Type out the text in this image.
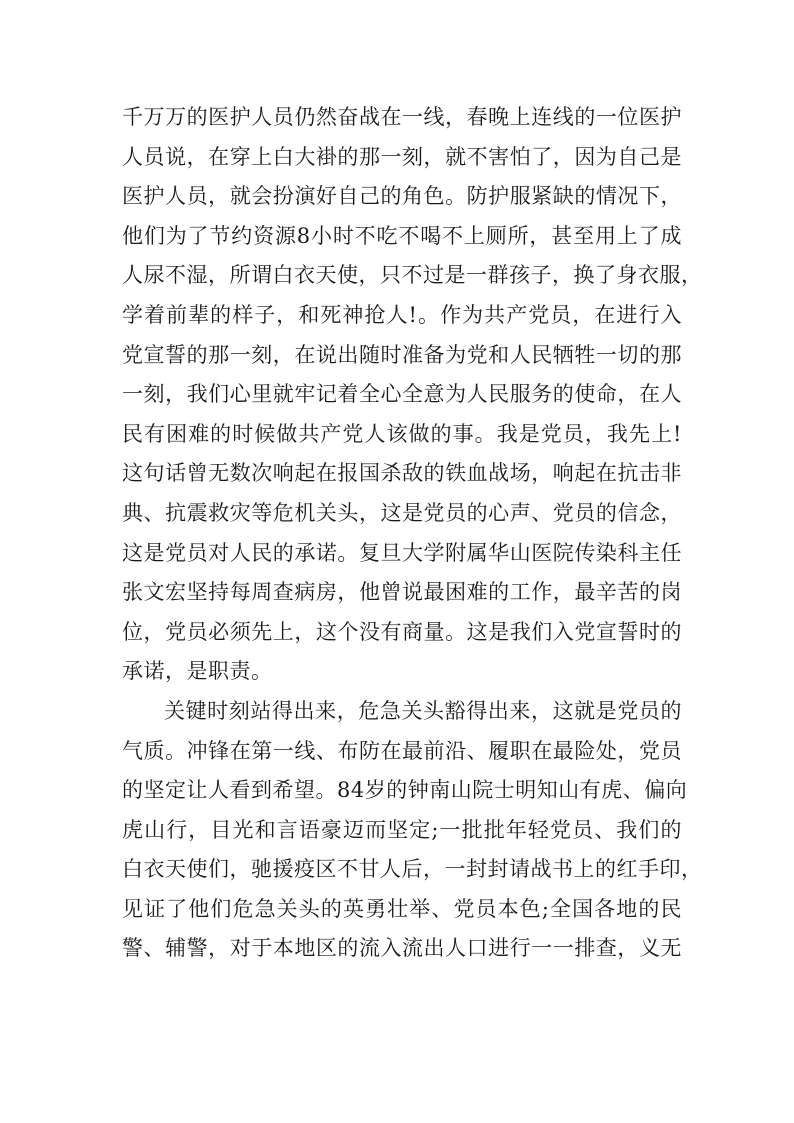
千万万的医护人员仍然奋战在一线，春晚上连线的一位医护
人员说，在穿上白大褂的那一刻，就不害怕了，因为自己是
医护人员，就会扮演好自己的角色。防护服紧缺的情况下，
他们为了节约资源8小时不吃不喝不上厕所，甚至用上了成
人尿不湿，所谓白衣天使，只不过是一群孩子，换了身衣服，
学着前辈的样子，和死神抢人!。作为共产党员，在进行入
党宣誓的那一刻，在说出随时准备为党和人民牺牲一切的那
一刻，我们心里就牢记着全心全意为人民服务的使命，在人
民有困难的时候做共产党人该做的事。我是党员，我先上!
这句话曾无数次响起在报国杀敌的铁血战场，响起在抗击非
典、抗震救灾等危机关头，这是党员的心声、党员的信念，
这是党员对人民的承诺。复旦大学附属华山医院传染科主任
张文宏坚持每周查病房，他曾说最困难的工作，最辛苦的岗
位，党员必须先上，这个没有商量。这是我们入党宣誓时的
承诺，是职责。
关键时刻站得出来，危急关头豁得出来，这就是党员的
气质。冲锋在第一线、布防在最前沿、履职在最险处，党员
的坚定让人看到希望。84岁的钟南山院士明知山有虎、偏向
虎山行，目光和言语豪迈而坚定;一批批年轻党员、我们的
白衣天使们，驰援疫区不甘人后，一封封请战书上的红手印，
见证了他们危急关头的英勇壮举、党员本色;全国各地的民
警、辅警，对于本地区的流入流出人口进行一一排查，义无
